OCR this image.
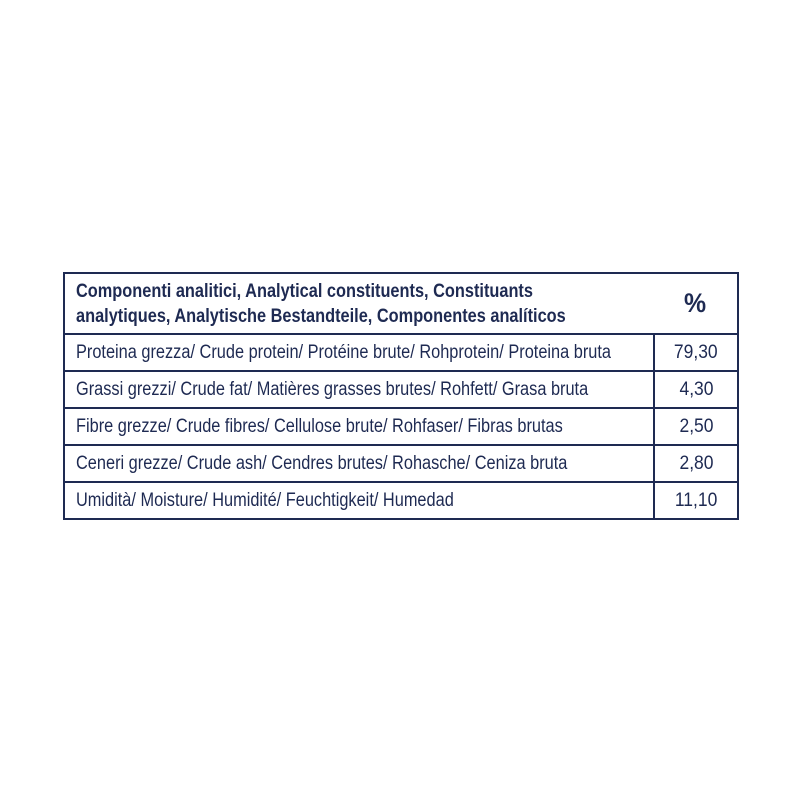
Componenti analitici, Analytical constituents, Constituants
analytiques, Analytische Bestandteile, Componentes analíticos	%
Proteina grezza/ Crude protein/ Protéine brute/ Rohprotein/ Proteina bruta	79,30
Grassi grezzi/ Crude fat/ Matières grasses brutes/ Rohfett/ Grasa bruta	4,30
Fibre grezze/ Crude fibres/ Cellulose brute/ Rohfaser/ Fibras brutas	2,50
Ceneri grezze/ Crude ash/ Cendres brutes/ Rohasche/ Ceniza bruta	2,80
Umidità/ Moisture/ Humidité/ Feuchtigkeit/ Humedad	11,10
